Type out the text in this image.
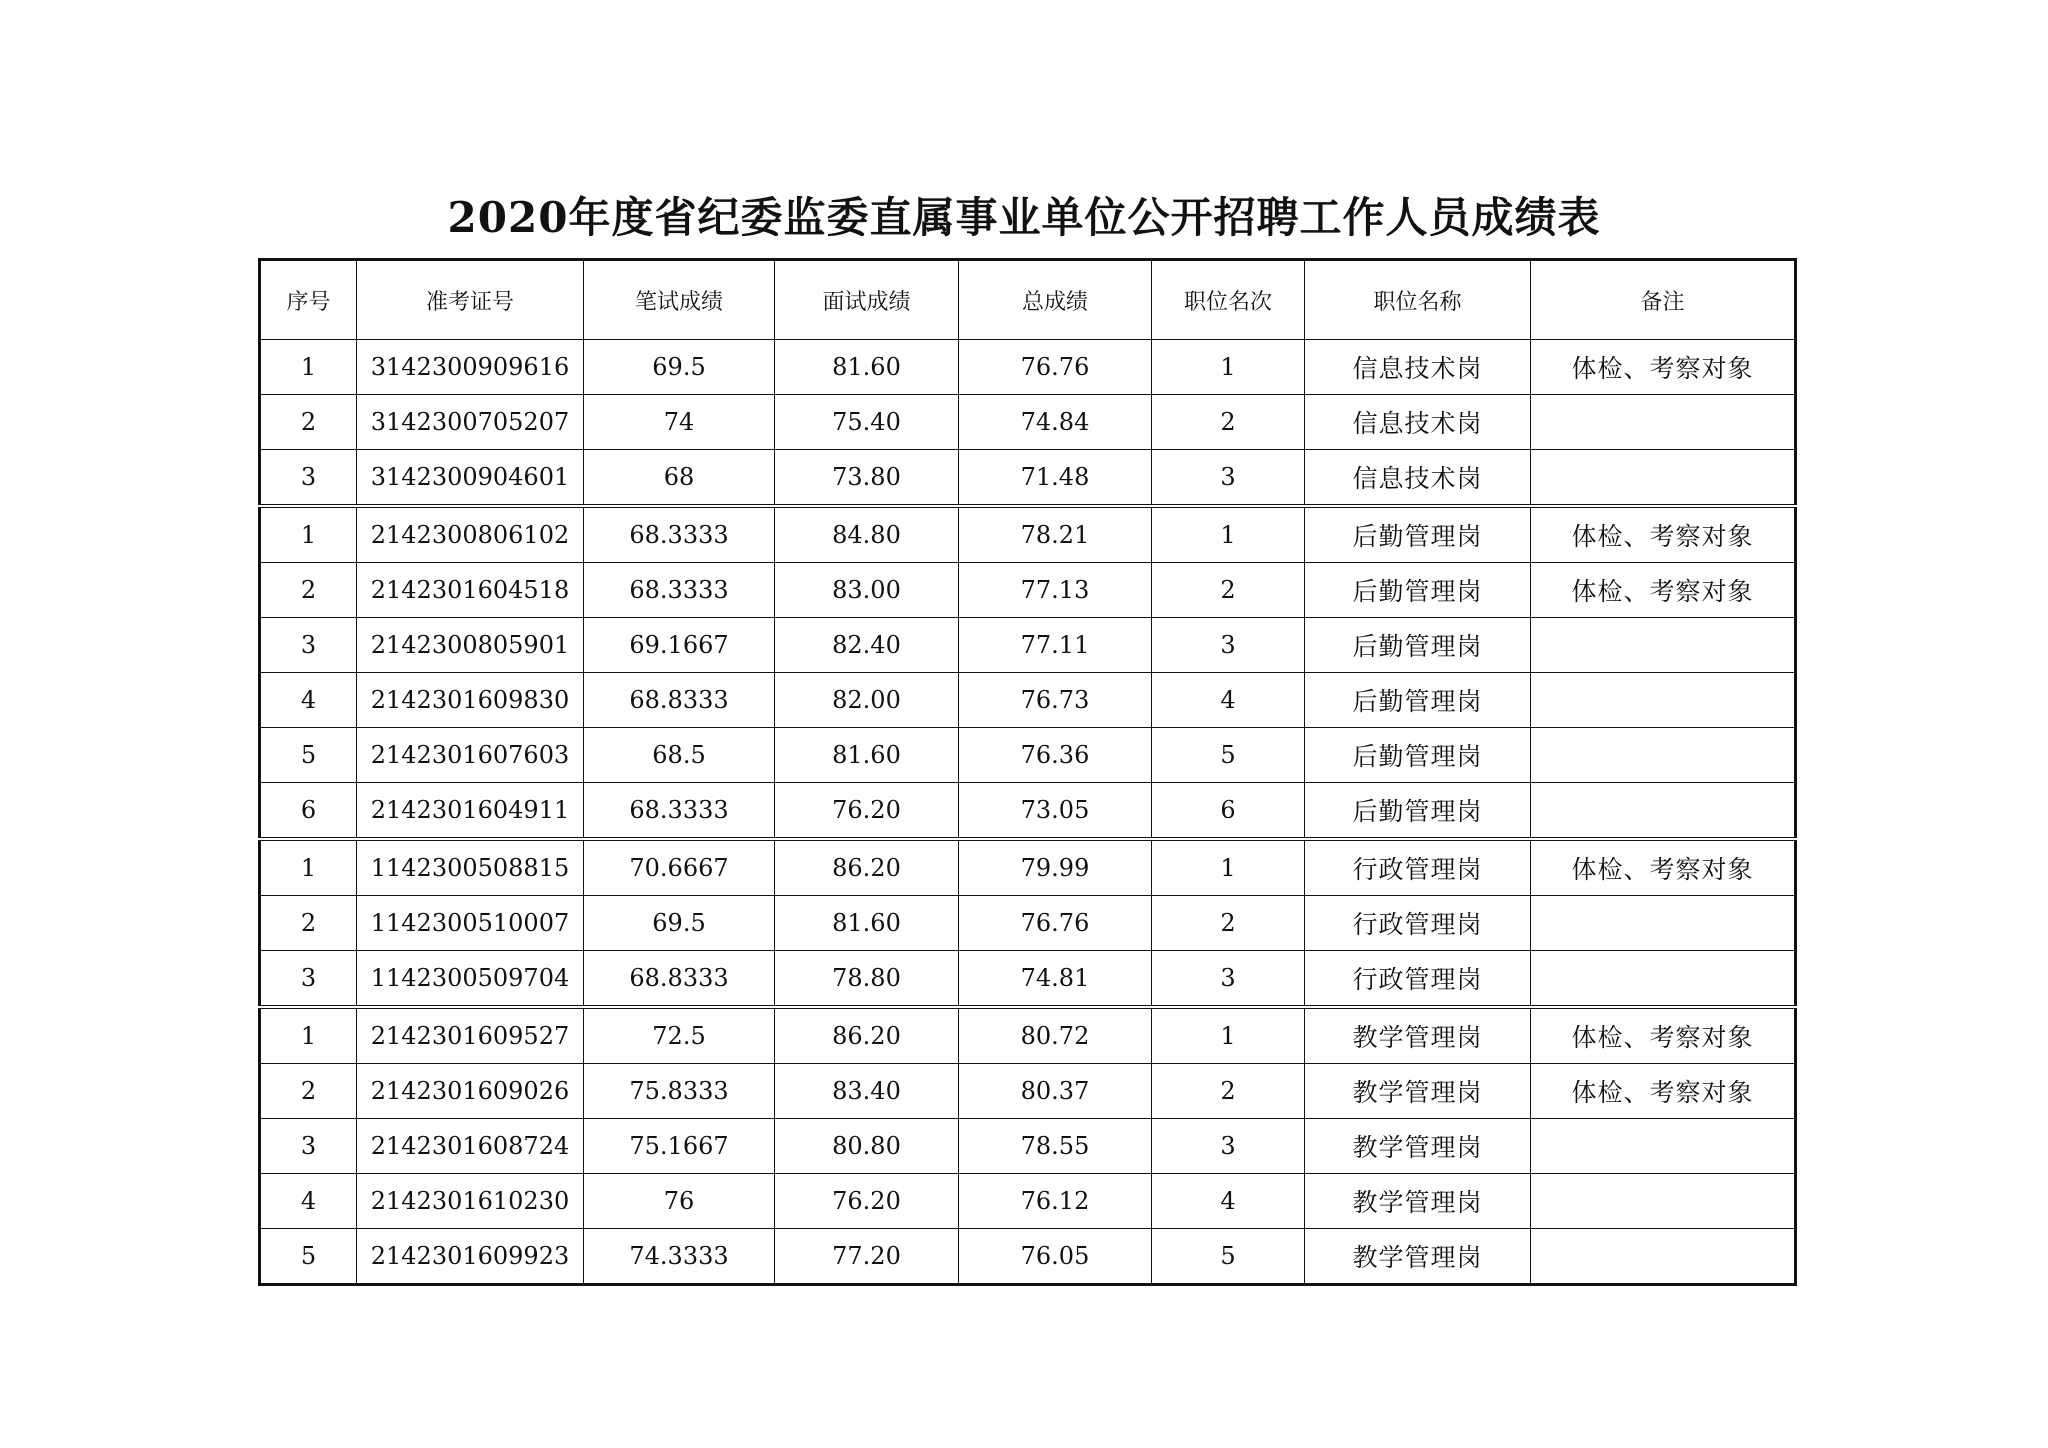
2020年度省纪委监委直属事业单位公开招聘工作人员成绩表
序号	准考证号	笔试成绩	面试成绩	总成绩	职位名次	职位名称	备注
1	3142300909616	69.5	81.60	76.76	1	信息技术岗	体检、考察对象
2	3142300705207	74	75.40	74.84	2	信息技术岗	
3	3142300904601	68	73.80	71.48	3	信息技术岗	
1	2142300806102	68.3333	84.80	78.21	1	后勤管理岗	体检、考察对象
2	2142301604518	68.3333	83.00	77.13	2	后勤管理岗	体检、考察对象
3	2142300805901	69.1667	82.40	77.11	3	后勤管理岗	
4	2142301609830	68.8333	82.00	76.73	4	后勤管理岗	
5	2142301607603	68.5	81.60	76.36	5	后勤管理岗	
6	2142301604911	68.3333	76.20	73.05	6	后勤管理岗	
1	1142300508815	70.6667	86.20	79.99	1	行政管理岗	体检、考察对象
2	1142300510007	69.5	81.60	76.76	2	行政管理岗	
3	1142300509704	68.8333	78.80	74.81	3	行政管理岗	
1	2142301609527	72.5	86.20	80.72	1	教学管理岗	体检、考察对象
2	2142301609026	75.8333	83.40	80.37	2	教学管理岗	体检、考察对象
3	2142301608724	75.1667	80.80	78.55	3	教学管理岗	
4	2142301610230	76	76.20	76.12	4	教学管理岗	
5	2142301609923	74.3333	77.20	76.05	5	教学管理岗	
